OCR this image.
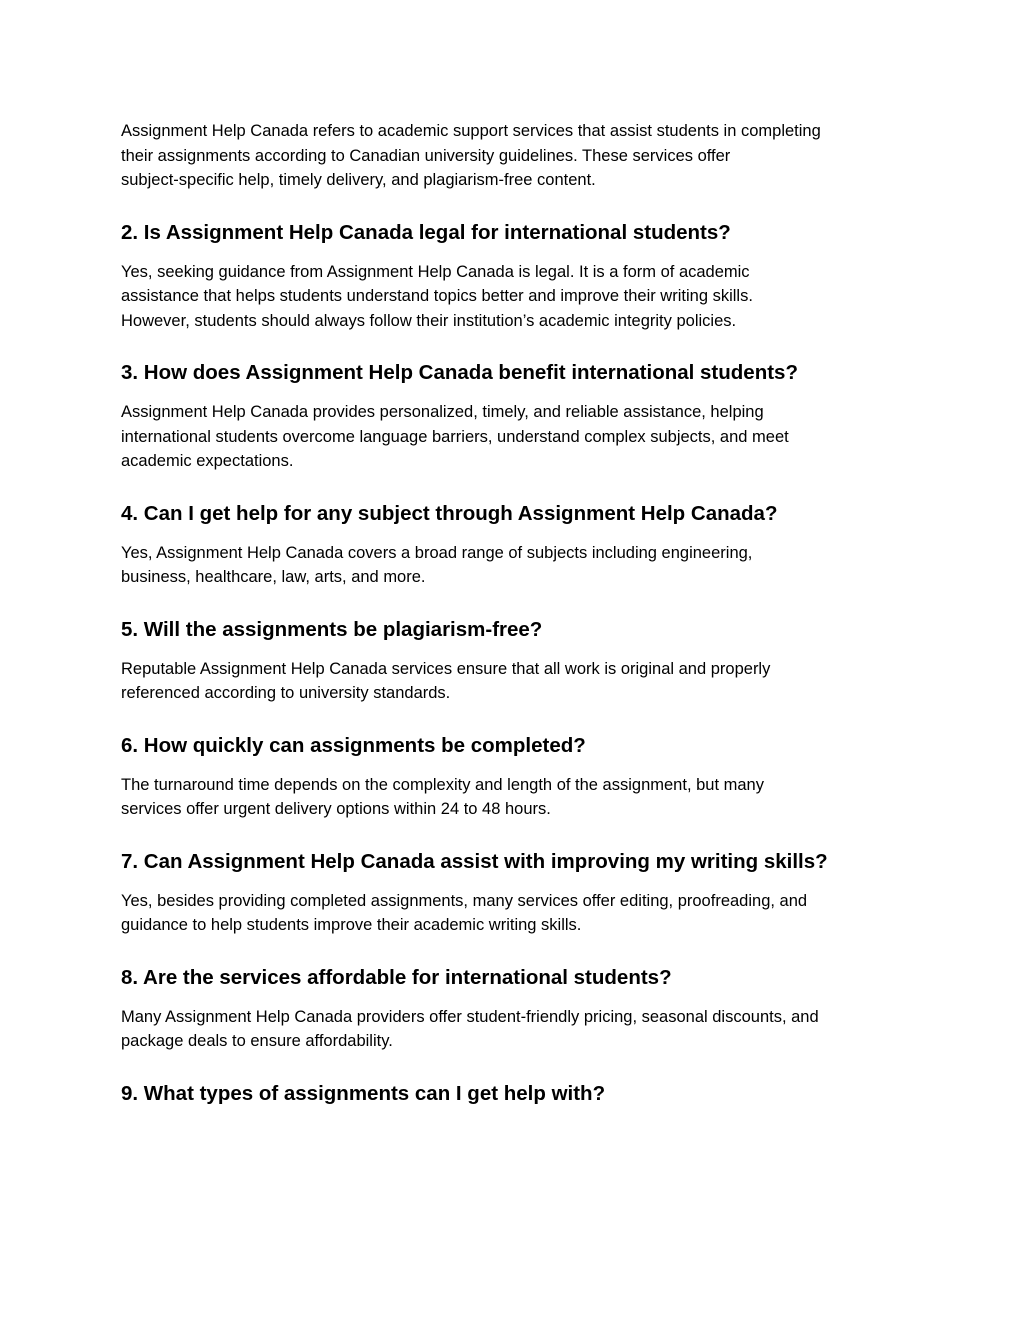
Assignment Help Canada refers to academic support services that assist students in completing
their assignments according to Canadian university guidelines. These services offer
subject-specific help, timely delivery, and plagiarism-free content.

2. Is Assignment Help Canada legal for international students?

Yes, seeking guidance from Assignment Help Canada is legal. It is a form of academic
assistance that helps students understand topics better and improve their writing skills.
However, students should always follow their institution’s academic integrity policies.

3. How does Assignment Help Canada benefit international students?

Assignment Help Canada provides personalized, timely, and reliable assistance, helping
international students overcome language barriers, understand complex subjects, and meet
academic expectations.

4. Can I get help for any subject through Assignment Help Canada?

Yes, Assignment Help Canada covers a broad range of subjects including engineering,
business, healthcare, law, arts, and more.

5. Will the assignments be plagiarism-free?

Reputable Assignment Help Canada services ensure that all work is original and properly
referenced according to university standards.

6. How quickly can assignments be completed?

The turnaround time depends on the complexity and length of the assignment, but many
services offer urgent delivery options within 24 to 48 hours.

7. Can Assignment Help Canada assist with improving my writing skills?

Yes, besides providing completed assignments, many services offer editing, proofreading, and
guidance to help students improve their academic writing skills.

8. Are the services affordable for international students?

Many Assignment Help Canada providers offer student-friendly pricing, seasonal discounts, and
package deals to ensure affordability.

9. What types of assignments can I get help with?
